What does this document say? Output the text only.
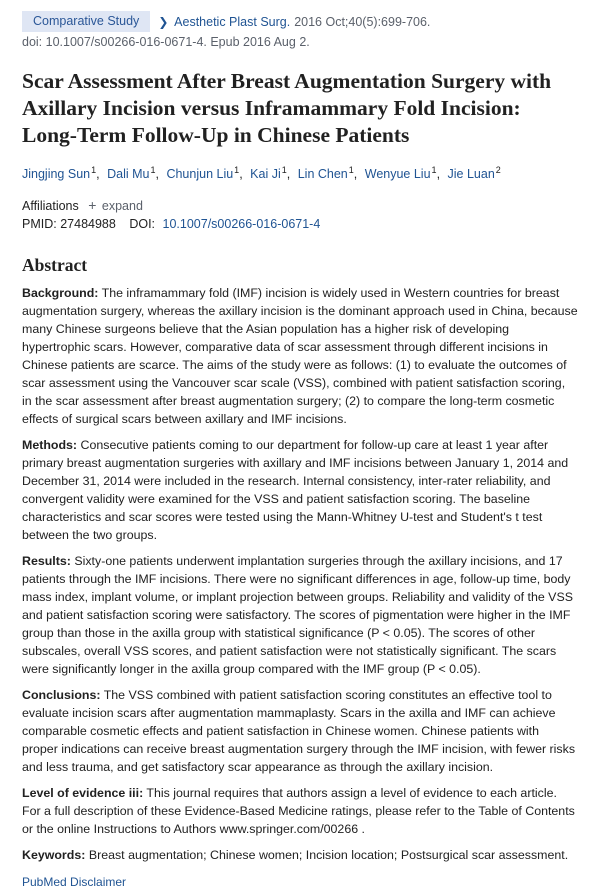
Comparative Study	❯ Aesthetic Plast Surg. 2016 Oct;40(5):699-706.
doi: 10.1007/s00266-016-0671-4. Epub 2016 Aug 2.
Scar Assessment After Breast Augmentation Surgery with Axillary Incision versus Inframammary Fold Incision: Long-Term Follow-Up in Chinese Patients
Jingjing Sun$^1$, Dali Mu$^1$, Chunjun Liu$^1$, Kai Ji$^1$, Lin Chen$^1$, Wenyue Liu$^1$, Jie Luan$^2$
Affiliations + expand
PMID: 27484988 DOI: 10.1007/s00266-016-0671-4
Abstract

Background: The inframammary fold (IMF) incision is widely used in Western countries for breast augmentation surgery, whereas the axillary incision is the dominant approach used in China, because many Chinese surgeons believe that the Asian population has a higher risk of developing hypertrophic scars. However, comparative data of scar assessment through different incisions in Chinese patients are scarce. The aims of the study were as follows: (1) to evaluate the outcomes of scar assessment using the Vancouver scar scale (VSS), combined with patient satisfaction scoring, in the scar assessment after breast augmentation surgery; (2) to compare the long-term cosmetic effects of surgical scars between axillary and IMF incisions.

Methods: Consecutive patients coming to our department for follow-up care at least 1 year after primary breast augmentation surgeries with axillary and IMF incisions between January 1, 2014 and December 31, 2014 were included in the research. Internal consistency, inter-rater reliability, and convergent validity were examined for the VSS and patient satisfaction scoring. The baseline characteristics and scar scores were tested using the Mann-Whitney U-test and Student's t test between the two groups.

Results: Sixty-one patients underwent implantation surgeries through the axillary incisions, and 17 patients through the IMF incisions. There were no significant differences in age, follow-up time, body mass index, implant volume, or implant projection between groups. Reliability and validity of the VSS and patient satisfaction scoring were satisfactory. The scores of pigmentation were higher in the IMF group than those in the axilla group with statistical significance (P < 0.05). The scores of other subscales, overall VSS scores, and patient satisfaction were not statistically significant. The scars were significantly longer in the axilla group compared with the IMF group (P < 0.05).

Conclusions: The VSS combined with patient satisfaction scoring constitutes an effective tool to evaluate incision scars after augmentation mammaplasty. Scars in the axilla and IMF can achieve comparable cosmetic effects and patient satisfaction in Chinese women. Chinese patients with proper indications can receive breast augmentation surgery through the IMF incision, with fewer risks and less trauma, and get satisfactory scar appearance as through the axillary incision.

Level of evidence iii: This journal requires that authors assign a level of evidence to each article. For a full description of these Evidence-Based Medicine ratings, please refer to the Table of Contents or the online Instructions to Authors www.springer.com/00266 .

Keywords: Breast augmentation; Chinese women; Incision location; Postsurgical scar assessment.

PubMed Disclaimer
